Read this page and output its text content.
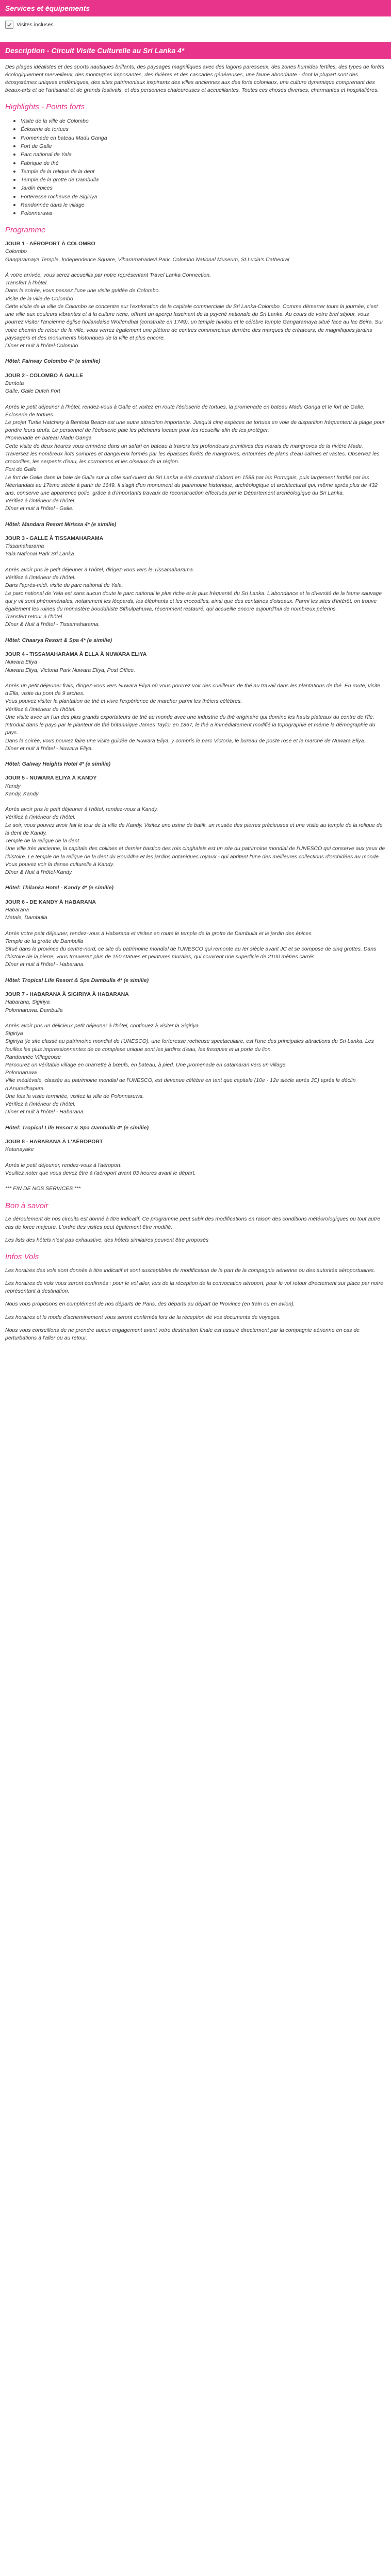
Services et équipements
Visites incluses
Description - Circuit Visite Culturelle au Sri Lanka 4*

Des plages idéalistes et des sports nautiques brillants, des paysages magnifiques avec des lagons paresseux, des zones humides fertiles, des types de forêts écologiquement merveilleux, des montagnes imposantes, des rivières et des cascades généreuses, une faune abondante - dont la plupart sont des écosystèmes uniques endémiques, des sites patrimoniaux inspirants des villes anciennes aux des forts coloniaux, une culture dynamique comprenant des beaux-arts et de l'artisanat et de grands festivals, et des personnes chaleureuses et accueillantes. Toutes ces choses diverses, charmantes et hospitalières.

Highlights - Points forts
Visite de la ville de Colombo
Écloserie de tortues
Promenade en bateau Madu Ganga
Fort de Galle
Parc national de Yala
Fabrique de thé
Temple de la relique de la dent
Temple de la grotte de Dambulla
Jardin épices
Forteresse rocheuse de Sigiriya
Randonnée dans le village
Polonnaruwa
Programme
JOUR 1 - AÉROPORT À COLOMBO
Colombo
Gangaramaya Temple, Independence Square, Viharamahadevi Park, Colombo National Museum, St.Lucia's Cathedral

À votre arrivée, vous serez accueillis par notre représentant Travel Lanka Connection.
Transfert à l'hôtel.
Dans la soirée, vous passez l'une une visite guidée de Colombo.
Visite de la ville de Colombo
Cette visite de la ville de Colombo se concentre sur l'exploration de la capitale commerciale du Sri Lanka-Colombo. Comme démarrer toute la journée, c'est une ville aux couleurs vibrantes et à la culture riche, offrant un aperçu fascinant de la psyché nationale du Sri Lanka. Au cours de votre bref séjour, vous pourrez visiter l'ancienne église hollandaise Wolfendhal (construite en 1749), un temple hindou et le célèbre temple Gangaramaya situé face au lac Beira. Sur votre chemin de retour de la ville, vous verrez également une plétore de centres commerciaux derrière des marques de créateurs, de magnifiques jardins paysagers et des monuments historiques de la ville et plus encore.
Dîner et nuit à l'hôtel-Colombo.

Hôtel: Fairway Colombo 4* (e similie)
JOUR 2 - COLOMBO À GALLE
Bentota
Galle, Galle Dutch Fort

Après le petit déjeuner à l'hôtel, rendez-vous à Galle et visitez en route l'écloserie de tortues, la promenade en bateau Madu Ganga et le fort de Galle.
Écloserie de tortues
Le projet Turtle Hatchery à Bentota Beach est une autre attraction importante. Jusqu'à cinq espèces de tortues en voie de disparition fréquentent la plage pour pondre leurs œufs. Le personnel de l'écloserie paie les pêcheurs locaux pour les recueillir afin de les protéger.
Promenade en bateau Madu Ganga
Cette visite de deux heures vous emmène dans un safari en bateau à travers les profondeurs primitives des marais de mangroves de la rivière Madu. Traversez les nombreux îlots sombres et dangereux formés par les épaisses forêts de mangroves, entourées de plans d'eau calmes et vastes. Observez les crocodiles, les serpents d'eau, les cormorans et les oiseaux de la région.
Fort de Galle
Le fort de Galle dans la baie de Galle sur la côte sud-ouest du Sri Lanka a été construit d'abord en 1588 par les Portugais, puis largement fortifié par les Néerlandais au 17ème siècle à partir de 1649. Il s'agit d'un monument du patrimoine historique, archéologique et architectural qui, même après plus de 432 ans, conserve une apparence polie, grâce à d'importants travaux de reconstruction effectués par le Département archéologique du Sri Lanka.
Vérifiez à l'intérieur de l'hôtel.
Dîner et nuit à l'hôtel - Galle.

Hôtel: Mandara Resort Mirissa 4* (e similie)
JOUR 3 - GALLE À TISSAMAHARAMA
Tissamaharama
Yala National Park Sri Lanka

Après avoir pris le petit déjeuner à l'hôtel, dirigez-vous vers le Tissamaharama.
Vérifiez à l'intérieur de l'hôtel.
Dans l'après-midi, visite du parc national de Yala.
Le parc national de Yala est sans aucun doute le parc national le plus riche et le plus fréquenté du Sri Lanka. L'abondance et la diversité de la faune sauvage qui y vit sont phénoménales, notamment les léopards, les éléphants et les crocodiles, ainsi que des centaines d'oiseaux. Parmi les sites d'intérêt, on trouve également les ruines du monastère bouddhiste Sithulpahuwa, récemment restauré, qui accueille encore aujourd'hui de nombreux pèlerins.
Transfert retour à l'hôtel.
Dîner & Nuit à l'hôtel - Tissamaharama.

Hôtel: Chaarya Resort & Spa 4* (e similie)
JOUR 4 - TISSAMAHARAMA À ELLA À NUWARA ELIYA
Nuwara Eliya
Nuwara Eliya, Victoria Park Nuwara Eliya, Post Office.

Après un petit déjeuner frais, dirigez-vous vers Nuwara Eliya où vous pourrez voir des cueilleurs de thé au travail dans les plantations de thé. En route, visite d'Ella, visite du pont de 9 arches.
Vous pouvez visiter la plantation de thé et vivre l'expérience de marcher parmi les théiers célèbres.
Vérifiez à l'intérieur de l'hôtel.
Une visite avec un l'un des plus grands exportateurs de thé au monde avec une industrie du thé originaire qui domine les hauts plateaux du centre de l'île. Introduit dans le pays par le planteur de thé britannique James Taylor en 1867, le thé a immédiatement modifié la topographie et même la démographie du pays.
Dans la soirée, vous pouvez faire une visite guidée de Nuwara Eliya, y compris le parc Victoria, le bureau de poste rose et le marché de Nuwara Eliya.
Dîner et nuit à l'hôtel - Nuwara Eliya.

Hôtel: Galway Heights Hotel 4* (e similie)
JOUR 5 - NUWARA ELIYA À KANDY
Kandy
Kandy, Kandy

Après avoir pris le petit déjeuner à l'hôtel, rendez-vous à Kandy.
Vérifiez à l'intérieur de l'hôtel.
Le soir, vous pouvez avoir fait le tour de la ville de Kandy. Visitez une usine de batik, un musée des pierres précieuses et une visite au temple de la relique de la dent de Kandy.
Temple de la relique de la dent
Une ville très ancienne, la capitale des collines et dernier bastion des rois cinghalais est un site du patrimoine mondial de l'UNESCO qui conserve aux yeux de l'histoire. Le temple de la relique de la dent du Bouddha et les jardins botaniques royaux - qui abritent l'une des meilleures collections d'orchidées au monde.
Vous pouvez voir la danse culturelle à Kandy.
Dîner & Nuit à l'hôtel-Kandy.

Hôtel: Thilanka Hotel - Kandy 4* (e similie)
JOUR 6 - DE KANDY À HABARANA
Habarana
Matale, Dambulla

Après votre petit déjeuner, rendez-vous à Habarana et visitez en route le temple de la grotte de Dambulla et le jardin des épices.
Temple de la grotte de Dambulla
Situé dans la province du centre-nord, ce site du patrimoine mondial de l'UNESCO qui remonte au Ier siècle avant JC et se compose de cinq grottes. Dans l'histoire de la pierre, vous trouverez plus de 150 statues et peintures murales, qui couvrent une superficie de 2100 mètres carrés.
Dîner et nuit à l'hôtel - Habarana.

Hôtel: Tropical Life Resort & Spa Dambulla 4* (e similie)
JOUR 7 - HABARANA À SIGIRIYA À HABARANA
Habarana, Sigiriya
Polonnaruwa, Dambulla

Après avoir pris un délicieux petit déjeuner à l'hôtel, continuez à visiter la Sigiriya.
Sigiriya
Sigiriya (le site classé au patrimoine mondial de l'UNESCO), une forteresse rocheuse spectaculaire, est l'une des principales attractions du Sri Lanka. Les fouilles les plus impressionnantes de ce complexe unique sont les jardins d'eau, les fresques et la porte du lion.
Randonnée Villageoise
Parcourez un véritable village en charrette à bœufs, en bateau, à pied. Une promenade en catamaran vers un village.
Polonnaruwa
Ville médiévale, classée au patrimoine mondial de l'UNESCO, est devenue célèbre en tant que capitale (10e - 12e siècle après JC) après le déclin d'Anuradhapura.
Une fois la visite terminée, visitez la ville de Polonnaruwa.
Vérifiez à l'intérieur de l'hôtel.
Dîner et nuit à l'hôtel - Habarana.

Hôtel: Tropical Life Resort & Spa Dambulla 4* (e similie)
JOUR 8 - HABARANA À L'AÉROPORT
Katunayake

Après le petit déjeuner, rendez-vous à l'aéroport.
Veuillez noter que vous devez être à l'aéroport avant 03 heures avant le départ.

*** FIN DE NOS SERVICES ***
Bon à savoir

Le déroulement de nos circuits est donné à titre indicatif. Ce programme peut subir des modifications en raison des conditions météorologiques ou tout autre cas de force majeure. L'ordre des visites peut également être modifié.

Les lists des hôtels n'est pas exhaustive, des hôtels similaires peuvent être proposés

Infos Vols

Les horaires des vols sont donnés à titre indicatif et sont susceptibles de modification de la part de la compagnie aérienne ou des autorités aéroportuaires.

Les horaires de vols vous seront confirmés : pour le vol aller, lors de la réception de la convocation aéroport, pour le vol retour directement sur place par notre représentant à destination.

Nous vous proposons en complément de nos départs de Paris, des départs au départ de Province (en train ou en avion).

Les horaires et le mode d'acheminement vous seront confirmés lors de la réception de vos documents de voyages.

Nous vous conseillons de ne prendre aucun engagement avant votre destination finale est assuré directement par la compagnie aérienne en cas de perturbations à l'aller ou au retour.
